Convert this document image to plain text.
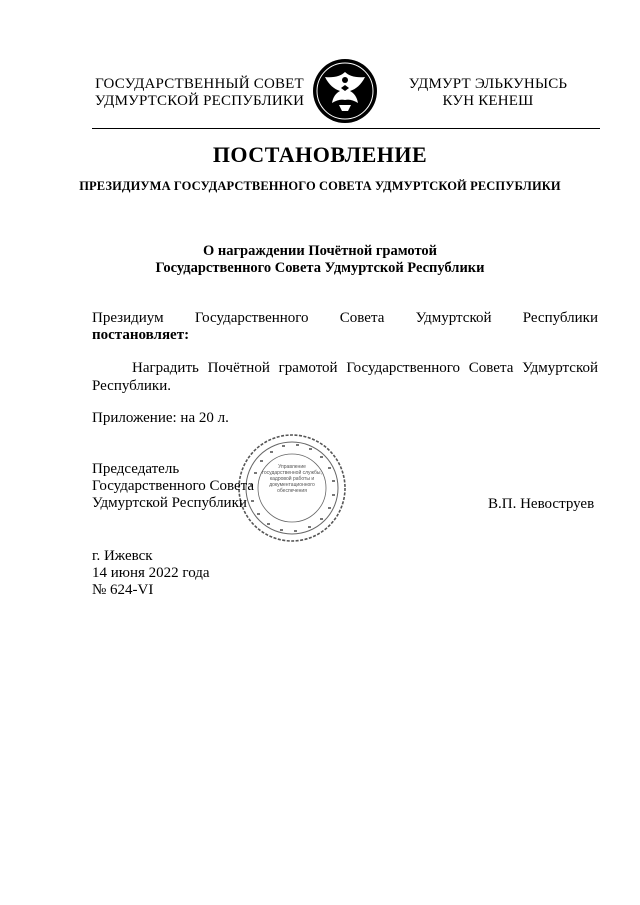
ГОСУДАРСТВЕННЫЙ СОВЕТ
УДМУРТСКОЙ РЕСПУБЛИКИ
УДМУРТ ЭЛЬКУНЫСЬ
КУН КЕНЕШ
ПОСТАНОВЛЕНИЕ
ПРЕЗИДИУМА ГОСУДАРСТВЕННОГО СОВЕТА УДМУРТСКОЙ РЕСПУБЛИКИ
О награждении Почётной грамотой
Государственного Совета Удмуртской Республики
Президиум Государственного Совета Удмуртской Республики
постановляет:
Наградить Почётной грамотой Государственного Совета Удмуртской Республики.
Приложение: на 20 л.
Управление государственной службы, кадровой работы и документационного обеспечения
Председатель
Государственного Совета
Удмуртской Республики	В.П. Невоструев
г. Ижевск
14 июня 2022 года
№ 624-VI
